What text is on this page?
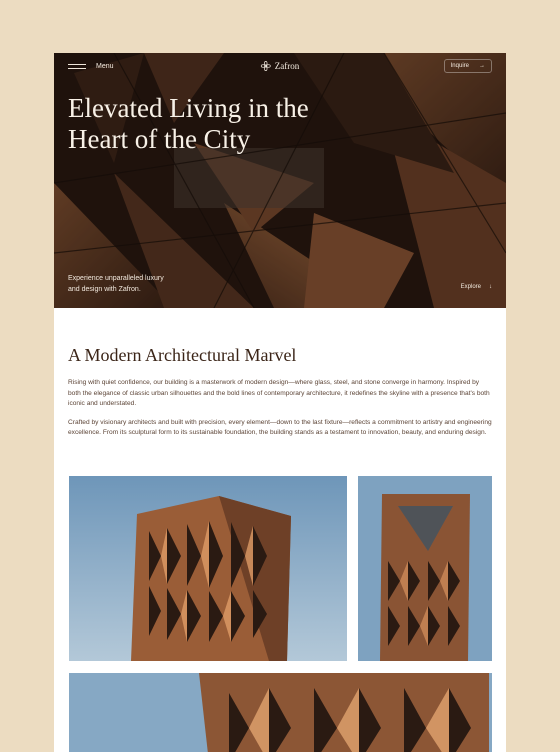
Menu	Zafron	Inquire →
Elevated Living in the
Heart of the City

Experience unparalleled luxury
and design with Zafron.	Explore ↓
A Modern Architectural Marvel

Rising with quiet confidence, our building is a masterwork of modern design—where glass, steel, and stone converge in harmony. Inspired by both the elegance of classic urban silhouettes and the bold lines of contemporary architecture, it redefines the skyline with a presence that's both iconic and understated.

Crafted by visionary architects and built with precision, every element—down to the last fixture—reflects a commitment to artistry and engineering excellence. From its sculptural form to its sustainable foundation, the building stands as a testament to innovation, beauty, and enduring design.
